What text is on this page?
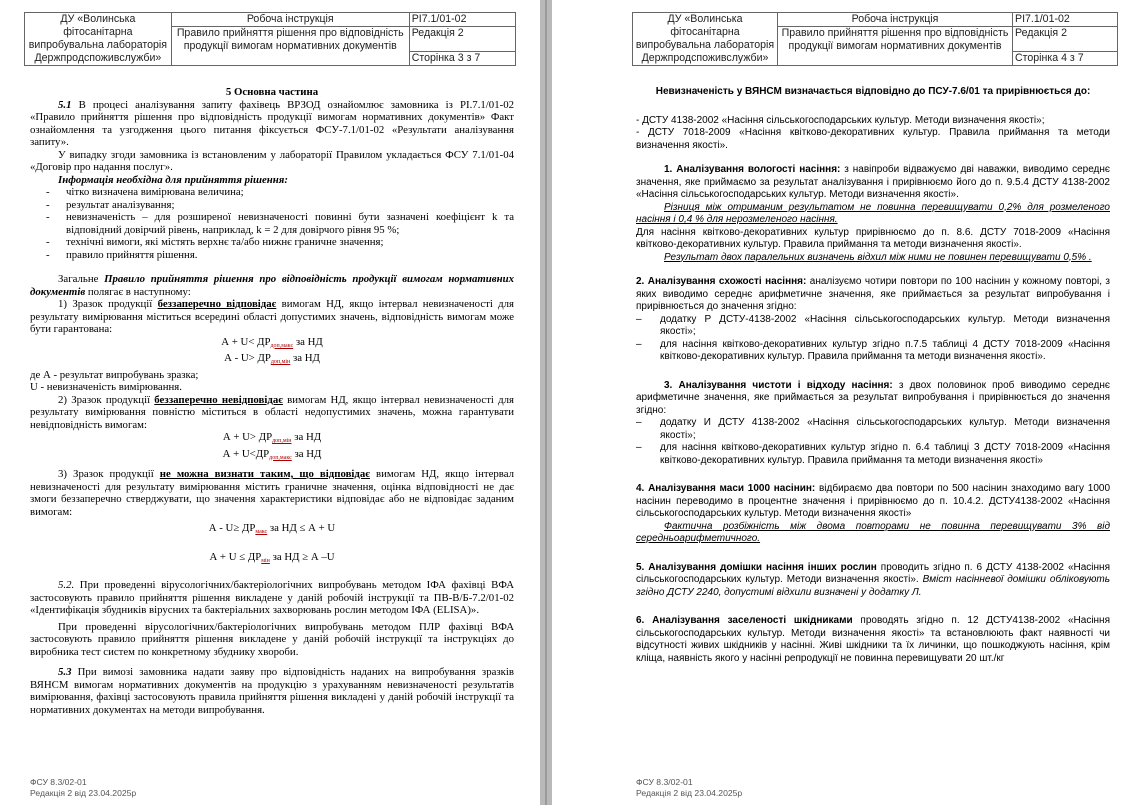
ДУ «Волинська фітосанітарна випробувальна лабораторія Держпродспоживслужби»	Робоча інструкція	РІ7.1/01-02
	Правило прийняття рішення про відповідність продукції вимогам нормативних документів	Редакція 2
		Сторінка 3 з 7

5 Основна частина

5.1 В процесі аналізування запиту фахівець ВРЗОД ознайомлює замовника із РІ.7.1/01-02 «Правило прийняття рішення про відповідність продукції вимогам нормативних документів» Факт ознайомлення та узгодження цього питання фіксується ФСУ-7.1/01-02 «Результати аналізування запиту».

У випадку згоди замовника із встановленим у лабораторії Правилом укладається ФСУ 7.1/01-04 «Договір про надання послуг».

Інформація необхідна для прийняття рішення:

- чітко визначена вимірювана величина;
- результат аналізування;
- невизначеність – для розширеної невизначеності повинні бути зазначені коефіцієнт k та відповідний довірчий рівень, наприклад, k = 2 для довірчого рівня 95 %;
- технічні вимоги, які містять верхнє та/або нижнє граничне значення;
- правило прийняття рішення.

Загальне Правило прийняття рішення про відповідність продукції вимогам нормативних документів полягає в наступному:

1) Зразок продукції беззаперечно відповідає вимогам НД, якщо інтервал невизначеності для результату вимірювання міститься всередині області допустимих значень, відповідність вимогам може бути гарантована:

$А + U< ДР_{доп,макс}$ за НД

$А - U> ДР_{доп,мін}$ за НД

де А - результат випробувань зразка;

U - невизначеність вимірювання.

2) Зразок продукції беззаперечно невідповідає вимогам НД, якщо інтервал невизначеності для результату вимірювання повністю міститься в області недопустимих значень, можна гарантувати невідповідність вимогам:

$А + U> ДР_{доп,мін}$ за НД

$А + U<ДР_{доп,макс}$ за НД

3) Зразок продукції не можна визнати таким, що відповідає вимогам НД, якщо інтервал невизначеності для результату вимірювання містить граничне значення, оцінка відповідності не дає змоги беззаперечно стверджувати, що значення характеристики відповідає або не відповідає заданим вимогам:

$А - U\ge ДР_{макс}$ за НД ≤ А + U

$А + U \le ДР_{мін}$ за НД ≥ А –U

5.2. При проведенні вірусологічних/бактеріологічних випробувань методом ІФА фахівці ВФА застосовують правило прийняття рішення викладене у даній робочій інструкції та ПВ-В/Б-7.2/01-02 «Ідентифікація збудників вірусних та бактеріальних захворювань рослин методом ІФА (ELISA)».

При проведенні вірусологічних/бактеріологічних випробувань методом ПЛР фахівці ВФА застосовують правило прийняття рішення викладене у даній робочій інструкції та інструкціях до виробника тест систем по конкретному збуднику хвороби.

5.3 При вимозі замовника надати заяву про відповідність наданих на випробування зразків ВЯНСМ вимогам нормативних документів на продукцію з урахуванням невизначеності результатів вимірювання, фахівці застосовують правила прийняття рішення викладені у даній робочій інструкції та нормативних документах на методи випробування.

ФСУ 8.3/02-01
Редакція 2 від 23.04.2025р
ДУ «Волинська фітосанітарна випробувальна лабораторія Держпродспоживслужби»	Робоча інструкція	РІ7.1/01-02
	Правило прийняття рішення про відповідність продукції вимогам нормативних документів	Редакція 2
		Сторінка 4 з 7

Невизначеність у ВЯНСМ визначається відповідно до ПСУ-7.6/01 та прирівнюється до:

- ДСТУ 4138-2002 «Насіння сільськогосподарських культур. Методи визначення якості»;

- ДСТУ 7018-2009 «Насіння квітково-декоративних культур. Правила приймання та методи визначення якості».

1. Аналізування вологості насіння: з навіпроби відважуємо дві наважки, виводимо середнє значення, яке приймаємо за результат аналізування і прирівнюємо його до п. 9.5.4 ДСТУ 4138-2002 «Насіння сільськогосподарських культур. Методи визначення якості».

Різниця між отриманим результатом не повинна перевищувати 0,2% для розмеленого насіння і 0,4 % для нерозмеленого насіння.

Для насіння квітково-декоративних культур прирівнюємо до п. 8.6. ДСТУ 7018-2009 «Насіння квітково-декоративних культур. Правила приймання та методи визначення якості».

Результат двох паралельних визначень відхил між ними не повинен перевищувати 0,5% .

2. Аналізування схожості насіння: аналізуємо чотири повтори по 100 насінин у кожному повторі, з яких виводимо середнє арифметичне значення, яке приймається за результат випробування і прирівнюється до значення згідно:

– додатку Р ДСТУ-4138-2002 «Насіння сільськогосподарських культур. Методи визначення якості»;
– для насіння квітково-декоративних культур згідно п.7.5 таблиці 4 ДСТУ 7018-2009 «Насіння квітково-декоративних культур. Правила приймання та методи визначення якості».

3. Аналізування чистоти і відходу насіння: з двох половинок проб виводимо середнє арифметичне значення, яке приймається за результат випробування і прирівнюється до значення згідно:

– додатку И ДСТУ 4138-2002 «Насіння сільськогосподарських культур. Методи визначення якості»;
– для насіння квітково-декоративних культур згідно п. 6.4 таблиці 3 ДСТУ 7018-2009 «Насіння квітково-декоративних культур. Правила приймання та методи визначення якості»

4. Аналізування маси 1000 насінин: відбираємо два повтори по 500 насінин знаходимо вагу 1000 насінин переводимо в процентне значення і прирівнюємо до п. 10.4.2. ДСТУ4138-2002 «Насіння сільськогосподарських культур. Методи визначення якості»

Фактична розбіжність між двома повторами не повинна перевищувати 3% від середньоарифметичного.

5. Аналізування домішки насіння інших рослин проводить згідно п. 6 ДСТУ 4138-2002 «Насіння сільськогосподарських культур. Методи визначення якості». Вміст насінневої домішки обліковують згідно ДСТУ 2240, допустимі відхили визначені у додатку Л.

6. Аналізування заселеності шкідниками проводять згідно п. 12 ДСТУ4138-2002 «Насіння сільськогосподарських культур. Методи визначення якості» та встановлюють факт наявності чи відсутності живих шкідників у насінні. Живі шкідники та їх личинки, що пошкоджують насіння, крім кліща, наявність якого у насінні репродукції не повинна перевищувати 20 шт./кг

ФСУ 8.3/02-01
Редакція 2 від 23.04.2025р
